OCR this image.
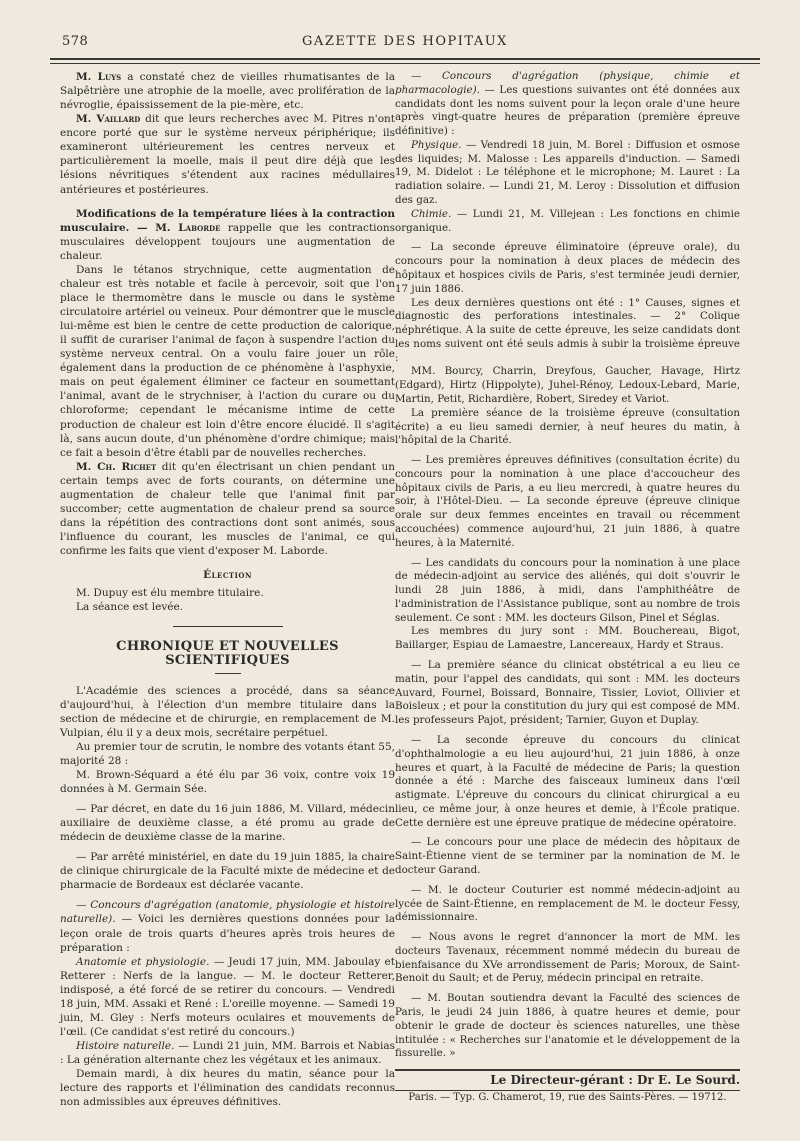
578	GAZETTE DES HOPITAUX

M. Luys a constaté chez de vieilles rhumatisantes de la Salpêtrière une atrophie de la moelle, avec prolifération de la névroglie, épaississement de la pie-mère, etc.

M. Vaillard dit que leurs recherches avec M. Pitres n'ont encore porté que sur le système nerveux périphérique; ils examineront ultérieurement les centres nerveux et particulièrement la moelle, mais il peut dire déjà que les lésions névritiques s'étendent aux racines médullaires antérieures et postérieures.

Modifications de la température liées à la contraction musculaire. — M. Laborde rappelle que les contractions musculaires développent toujours une augmentation de chaleur.

Dans le tétanos strychnique, cette augmentation de chaleur est très notable et facile à percevoir, soit que l'on place le thermomètre dans le muscle ou dans le système circulatoire artériel ou veineux. Pour démontrer que le muscle lui-même est bien le centre de cette production de calorique, il suffit de curariser l'animal de façon à suspendre l'action du système nerveux central. On a voulu faire jouer un rôle également dans la production de ce phénomène à l'asphyxie, mais on peut également éliminer ce facteur en soumettant l'animal, avant de le strychniser, à l'action du curare ou du chloroforme; cependant le mécanisme intime de cette production de chaleur est loin d'être encore élucidé. Il s'agit là, sans aucun doute, d'un phénomène d'ordre chimique; mais ce fait a besoin d'être établi par de nouvelles recherches.

M. Ch. Richet dit qu'en électrisant un chien pendant un certain temps avec de forts courants, on détermine une augmentation de chaleur telle que l'animal finit par succomber; cette augmentation de chaleur prend sa source dans la répétition des contractions dont sont animés, sous l'influence du courant, les muscles de l'animal, ce qui confirme les faits que vient d'exposer M. Laborde.

Élection

M. Dupuy est élu membre titulaire.

La séance est levée.

CHRONIQUE ET NOUVELLES SCIENTIFIQUES

L'Académie des sciences a procédé, dans sa séance d'aujourd'hui, à l'élection d'un membre titulaire dans la section de médecine et de chirurgie, en remplacement de M. Vulpian, élu il y a deux mois, secrétaire perpétuel.

Au premier tour de scrutin, le nombre des votants étant 55, majorité 28 :

M. Brown-Séquard a été élu par 36 voix, contre voix 19 données à M. Germain Sée.

— Par décret, en date du 16 juin 1886, M. Villard, médecin auxiliaire de deuxième classe, a été promu au grade de médecin de deuxième classe de la marine.

— Par arrêté ministériel, en date du 19 juin 1885, la chaire de clinique chirurgicale de la Faculté mixte de médecine et de pharmacie de Bordeaux est déclarée vacante.

— Concours d'agrégation (anatomie, physiologie et histoire naturelle). — Voici les dernières questions données pour la leçon orale de trois quarts d'heures après trois heures de préparation :

Anatomie et physiologie. — Jeudi 17 juin, MM. Jaboulay et Retterer : Nerfs de la langue. — M. le docteur Retterer, indisposé, a été forcé de se retirer du concours. — Vendredi 18 juin, MM. Assaki et René : L'oreille moyenne. — Samedi 19 juin, M. Gley : Nerfs moteurs oculaires et mouvements de l'œil. (Ce candidat s'est retiré du concours.)

Histoire naturelle. — Lundi 21 juin, MM. Barrois et Nabias : La génération alternante chez les végétaux et les animaux.

Demain mardi, à dix heures du matin, séance pour la lecture des rapports et l'élimination des candidats reconnus non admissibles aux épreuves définitives.

— Concours d'agrégation (physique, chimie et pharmacologie). — Les questions suivantes ont été données aux candidats dont les noms suivent pour la leçon orale d'une heure après vingt-quatre heures de préparation (première épreuve définitive) :

Physique. — Vendredi 18 juin, M. Borel : Diffusion et osmose des liquides; M. Malosse : Les appareils d'induction. — Samedi 19, M. Didelot : Le téléphone et le microphone; M. Lauret : La radiation solaire. — Lundi 21, M. Leroy : Dissolution et diffusion des gaz.

Chimie. — Lundi 21, M. Villejean : Les fonctions en chimie organique.

— La seconde épreuve éliminatoire (épreuve orale), du concours pour la nomination à deux places de médecin des hôpitaux et hospices civils de Paris, s'est terminée jeudi dernier, 17 juin 1886.

Les deux dernières questions ont été : 1° Causes, signes et diagnostic des perforations intestinales. — 2° Colique néphrétique. A la suite de cette épreuve, les seize candidats dont les noms suivent ont été seuls admis à subir la troisième épreuve :

MM. Bourcy, Charrin, Dreyfous, Gaucher, Havage, Hirtz (Edgard), Hirtz (Hippolyte), Juhel-Rénoy, Ledoux-Lebard, Marie, Martin, Petit, Richardière, Robert, Siredey et Variot.

La première séance de la troisième épreuve (consultation écrite) a eu lieu samedi dernier, à neuf heures du matin, à l'hôpital de la Charité.

— Les premières épreuves définitives (consultation écrite) du concours pour la nomination à une place d'accoucheur des hôpitaux civils de Paris, a eu lieu mercredi, à quatre heures du soir, à l'Hôtel-Dieu. — La seconde épreuve (épreuve clinique orale sur deux femmes enceintes en travail ou récemment accouchées) commence aujourd'hui, 21 juin 1886, à quatre heures, à la Maternité.

— Les candidats du concours pour la nomination à une place de médecin-adjoint au service des aliénés, qui doit s'ouvrir le lundi 28 juin 1886, à midi, dans l'amphithéâtre de l'administration de l'Assistance publique, sont au nombre de trois seulement. Ce sont : MM. les docteurs Gilson, Pinel et Séglas.

Les membres du jury sont : MM. Bouchereau, Bigot, Baillarger, Espiau de Lamaestre, Lancereaux, Hardy et Straus.

— La première séance du clinicat obstétrical a eu lieu ce matin, pour l'appel des candidats, qui sont : MM. les docteurs Auvard, Fournel, Boissard, Bonnaire, Tissier, Loviot, Ollivier et Boisleux ; et pour la constitution du jury qui est composé de MM. les professeurs Pajot, président; Tarnier, Guyon et Duplay.

— La seconde épreuve du concours du clinicat d'ophthalmologie a eu lieu aujourd'hui, 21 juin 1886, à onze heures et quart, à la Faculté de médecine de Paris; la question donnée a été : Marche des faisceaux lumineux dans l'œil astigmate. L'épreuve du concours du clinicat chirurgical a eu lieu, ce même jour, à onze heures et demie, à l'École pratique. Cette dernière est une épreuve pratique de médecine opératoire.

— Le concours pour une place de médecin des hôpitaux de Saint-Étienne vient de se terminer par la nomination de M. le docteur Garand.

— M. le docteur Couturier est nommé médecin-adjoint au lycée de Saint-Étienne, en remplacement de M. le docteur Fessy, démissionnaire.

— Nous avons le regret d'annoncer la mort de MM. les docteurs Tavenaux, récemment nommé médecin du bureau de bienfaisance du XVe arrondissement de Paris; Moroux, de Saint-Benoit du Sault; et de Peruy, médecin principal en retraite.

— M. Boutan soutiendra devant la Faculté des sciences de Paris, le jeudi 24 juin 1886, à quatre heures et demie, pour obtenir le grade de docteur ès sciences naturelles, une thèse intitulée : « Recherches sur l'anatomie et le développement de la fissurelle. »

Le Directeur-gérant : Dr E. Le Sourd.

Paris. — Typ. G. Chamerot, 19, rue des Saints-Pères. — 19712.
